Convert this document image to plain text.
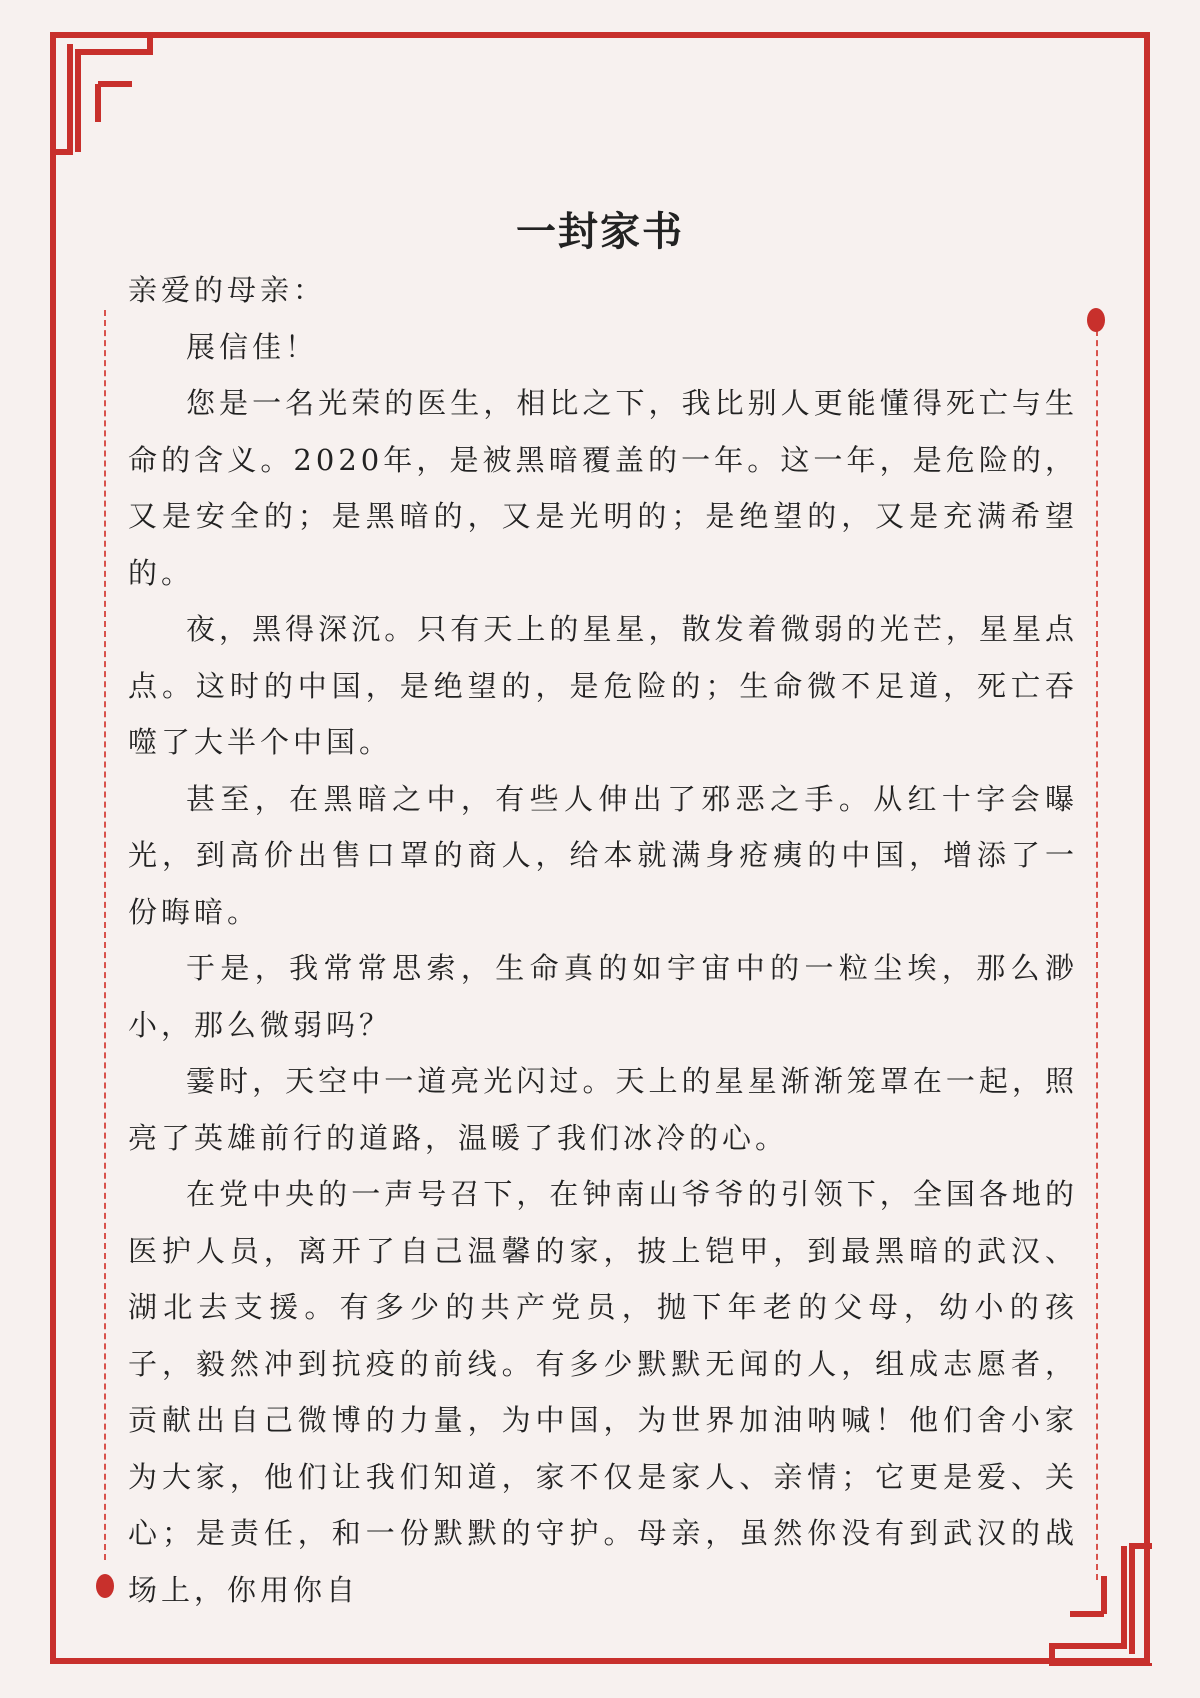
一封家书

亲爱的母亲：

展信佳！

您是一名光荣的医生，相比之下，我比别人更能懂得死亡与生命的含义。2020年，是被黑暗覆盖的一年。这一年，是危险的，又是安全的；是黑暗的，又是光明的；是绝望的，又是充满希望的。

夜，黑得深沉。只有天上的星星，散发着微弱的光芒，星星点点。这时的中国，是绝望的，是危险的；生命微不足道，死亡吞噬了大半个中国。

甚至，在黑暗之中，有些人伸出了邪恶之手。从红十字会曝光，到高价出售口罩的商人，给本就满身疮痍的中国，增添了一份晦暗。

于是，我常常思索，生命真的如宇宙中的一粒尘埃，那么渺小，那么微弱吗？

霎时，天空中一道亮光闪过。天上的星星渐渐笼罩在一起，照亮了英雄前行的道路，温暖了我们冰冷的心。

在党中央的一声号召下，在钟南山爷爷的引领下，全国各地的医护人员，离开了自己温馨的家，披上铠甲，到最黑暗的武汉、湖北去支援。有多少的共产党员，抛下年老的父母，幼小的孩子，毅然冲到抗疫的前线。有多少默默无闻的人，组成志愿者，贡献出自己微博的力量，为中国，为世界加油呐喊！他们舍小家为大家，他们让我们知道，家不仅是家人、亲情；它更是爱、关心；是责任，和一份默默的守护。母亲，虽然你没有到武汉的战场上，你用你自
